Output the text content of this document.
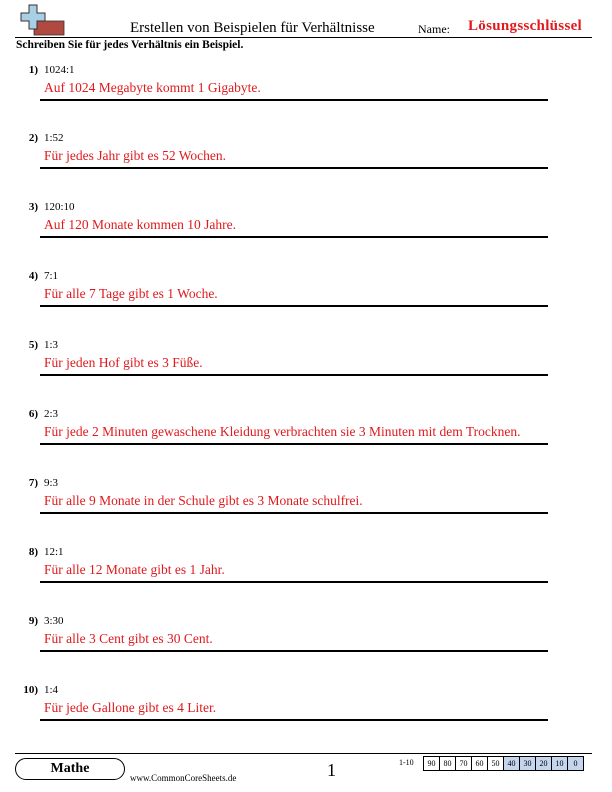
Erstellen von Beispielen für Verhältnisse	Name: Lösungsschlüssel
Schreiben Sie für jedes Verhältnis ein Beispiel.
1) 1024:1
Auf 1024 Megabyte kommt 1 Gigabyte.
2) 1:52
Für jedes Jahr gibt es 52 Wochen.
3) 120:10
Auf 120 Monate kommen 10 Jahre.
4) 7:1
Für alle 7 Tage gibt es 1 Woche.
5) 1:3
Für jeden Hof gibt es 3 Füße.
6) 2:3
Für jede 2 Minuten gewaschene Kleidung verbrachten sie 3 Minuten mit dem Trocknen.
7) 9:3
Für alle 9 Monate in der Schule gibt es 3 Monate schulfrei.
8) 12:1
Für alle 12 Monate gibt es 1 Jahr.
9) 3:30
Für alle 3 Cent gibt es 30 Cent.
10) 1:4
Für jede Gallone gibt es 4 Liter.
Mathe
www.CommonCoreSheets.de	1	1-10	90	80	70	60	50	40	30	20	10	0
